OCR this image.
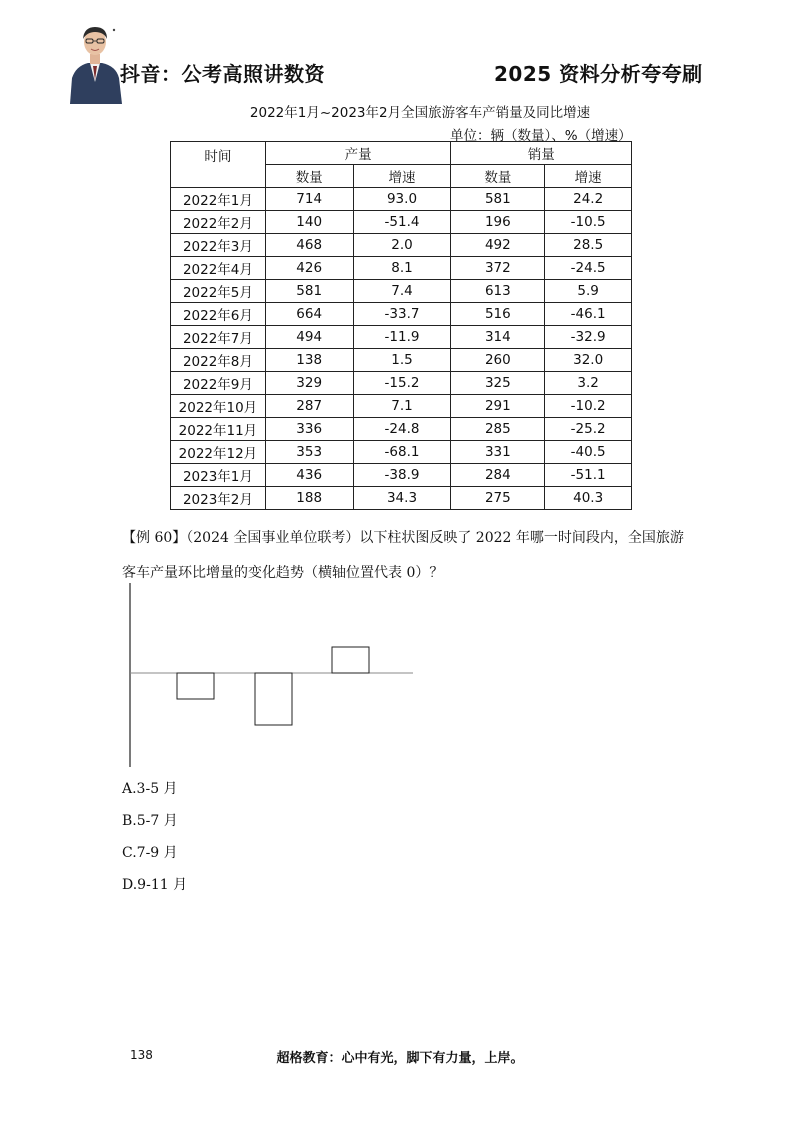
抖音：公考高照讲数资	2025 资料分析夸夸刷
2022年1月~2023年2月全国旅游客车产销量及同比增速
单位：辆（数量）、%（增速）
时间	产量		销量	
	数量	增速	数量	增速
2022年1月	714	93.0	581	24.2
2022年2月	140	-51.4	196	-10.5
2022年3月	468	2.0	492	28.5
2022年4月	426	8.1	372	-24.5
2022年5月	581	7.4	613	5.9
2022年6月	664	-33.7	516	-46.1
2022年7月	494	-11.9	314	-32.9
2022年8月	138	1.5	260	32.0
2022年9月	329	-15.2	325	3.2
2022年10月	287	7.1	291	-10.2
2022年11月	336	-24.8	285	-25.2
2022年12月	353	-68.1	331	-40.5
2023年1月	436	-38.9	284	-51.1
2023年2月	188	34.3	275	40.3
【例 60】（2024 全国事业单位联考）以下柱状图反映了 2022 年哪一时间段内，全国旅游客车产量环比增量的变化趋势（横轴位置代表 0）？
A.3-5 月
B.5-7 月
C.7-9 月
D.9-11 月
138	超格教育：心中有光，脚下有力量，上岸。
